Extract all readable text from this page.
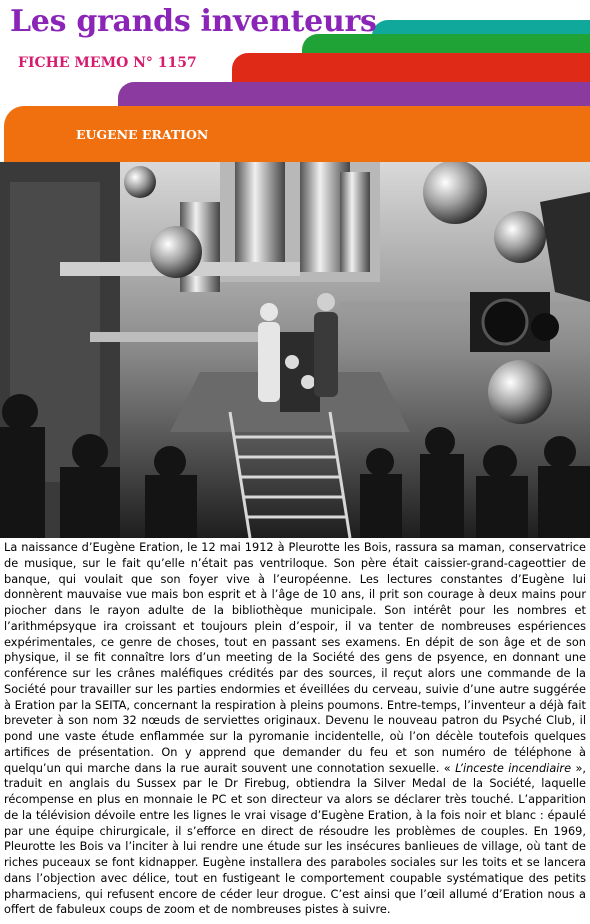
Les grands inventeurs
FICHE MEMO N° 1157
EUGENE ERATION

La naissance d’Eugène Eration, le 12 mai 1912 à Pleurotte les Bois, rassura sa maman, conservatrice de musique, sur le fait qu’elle n’était pas ventriloque. Son père était caissier-grand-cageottier de banque, qui voulait que son foyer vive à l’européenne. Les lectures constantes d’Eugène lui donnèrent mauvaise vue mais bon esprit et à l’âge de 10 ans, il prit son courage à deux mains pour piocher dans le rayon adulte de la bibliothèque municipale. Son intérêt pour les nombres et l’arithmépsyque ira croissant et toujours plein d’espoir, il va tenter de nombreuses espériences expérimentales, ce genre de choses, tout en passant ses examens. En dépit de son âge et de son physique, il se fit connaître lors d’un meeting de la Société des gens de psyence, en donnant une conférence sur les crânes maléfiques crédités par des sources, il reçut alors une commande de la Société pour travailler sur les parties endormies et éveillées du cerveau, suivie d’une autre suggérée à Eration par la SEITA, concernant la respiration à pleins poumons. Entre-temps, l’inventeur a déjà fait breveter à son nom 32 nœuds de serviettes originaux. Devenu le nouveau patron du Psyché Club, il pond une vaste étude enflammée sur la pyromanie incidentelle, où l’on décèle toutefois quelques artifices de présentation. On y apprend que demander du feu et son numéro de téléphone à quelqu’un qui marche dans la rue aurait souvent une connotation sexuelle. « L’inceste incendiaire », traduit en anglais du Sussex par le Dr Firebug, obtiendra la Silver Medal de la Société, laquelle récompense en plus en monnaie le PC et son directeur va alors se déclarer très touché. L’apparition de la télévision dévoile entre les lignes le vrai visage d’Eugène Eration, à la fois noir et blanc : épaulé par une équipe chirurgicale, il s’efforce en direct de résoudre les problèmes de couples. En 1969, Pleurotte les Bois va l’inciter à lui rendre une étude sur les insécures banlieues de village, où tant de riches puceaux se font kidnapper. Eugène installera des paraboles sociales sur les toits et se lancera dans l’objection avec délice, tout en fustigeant le comportement coupable systématique des petits pharmaciens, qui refusent encore de céder leur drogue. C’est ainsi que l’œil allumé d’Eration nous a offert de fabuleux coups de zoom et de nombreuses pistes à suivre.
